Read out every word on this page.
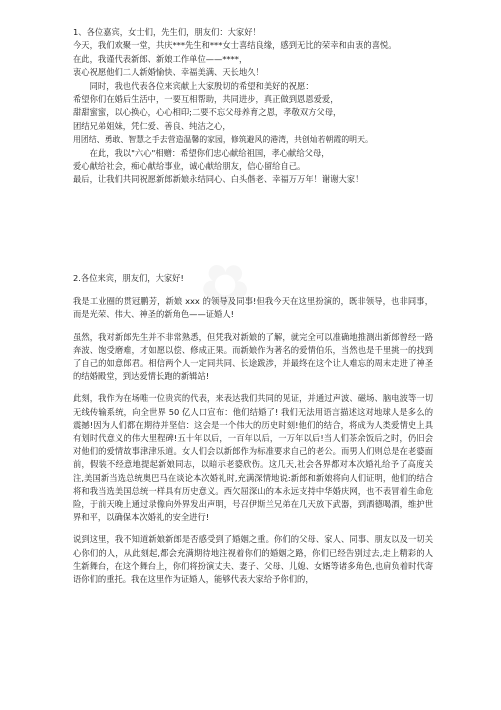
1、各位嘉宾，女士们，先生们，朋友们：大家好！

今天，我们欢聚一堂，共庆***先生和***女士喜结良缘，感到无比的荣幸和由衷的喜悦。

在此，我谨代表新郎、新娘工作单位——****，

衷心祝愿他们二人新婚愉快、幸福美满、天长地久！

　　同时，我也代表各位来宾献上大家殷切的希望和美好的祝愿：

希望你们在婚后生活中，一要互相帮助，共同进步，真正做到恩恩爱爱，

甜甜蜜蜜，以心换心，心心相印;二要不忘父母养育之恩，孝敬双方父母，

团结兄弟姐妹，凭仁爱、善良、纯洁之心，

用团结、勇敢、智慧之手去营造温馨的家园，修筑避风的港湾，共创灿若朝霞的明天。

　　在此，我以"六心"相赠：希望你们忠心献给祖国，孝心献给父母，

爱心献给社会，痴心献给事业，诚心献给朋友，信心留给自己。

最后，让我们共同祝愿新郎新娘永结同心、白头偕老、幸福万万年！谢谢大家！

2.各位来宾，朋友们，大家好!

我是工业圈的贯冠鹏芳，新娘 xxx 的领导及同事!但我今天在这里扮演的，既非领导，也非同事，而是光荣、伟大、神圣的新角色——证婚人!

虽然，我对新郎先生并不非常熟悉，但凭我对新娘的了解，就完全可以准确地推测出新郎曾经一路奔波、饱受磨难，才如愿以偿、修成正果。而新娘作为著名的爱情伯乐，当然也是千里挑一的找到了自己的如意郎君。相信两个人一定同共同、长途跋涉，并最终在这个让人难忘的周末走进了神圣的结婚殿堂，到达爱情长跑的新辑站!

此刻，我作为在场唯一位贵宾的代表，来表达我们共同的见证，并通过声波、磁场、脑电波等一切无线传输系统，向全世界 50 亿人口宣布：他们结婚了! 我们无法用语言描述这对地球人是多么的震撼!因为人们都在期待并坚信：这会是一个伟大的历史时刻!他们的结合，将成为人类爱情史上具有划时代意义的伟大里程碑!五十年以后，一百年以后，一万年以后!当人们茶余饭后之时，仍旧会对他们的爱情故事津津乐道。女人们会以新郎作为标准要求自己的老公。而男人们则总是在老婆面前，假装不经意地提起新娘同志，以暗示老婆欣伤。这几天,社会各界都对本次婚礼给予了高度关注,美国新当选总统奥巴马在谈论本次婚礼时,充满深情地说:新郎和新娘将向人们证明，他们的结合将和我当选美国总统一样具有历史意义。西欠屈深山的本永远支持中华婚庆网，也不表冒着生命危险，于前天晚上通过录像向外界发出声明，号召伊斯兰兄弟在几天放下武器，到酒德喝酒，维护世界和平，以确保本次婚礼的安全进行!

说到这里，我不知道新娘新郎是否感受到了婚姻之重。你们的父母、家人、同事、朋友以及一切关心你们的人，从此刻起,都会充满期待地注视着你们的婚姻之路，你们已经告别过去,走上精彩的人生新舞台，在这个舞台上，你们将扮演丈夫、妻子、父母、儿媳、女婿等诸多角色,也肩负着时代寄语你们的重托。我在这里作为证婚人，能够代表大家给予你们的，
